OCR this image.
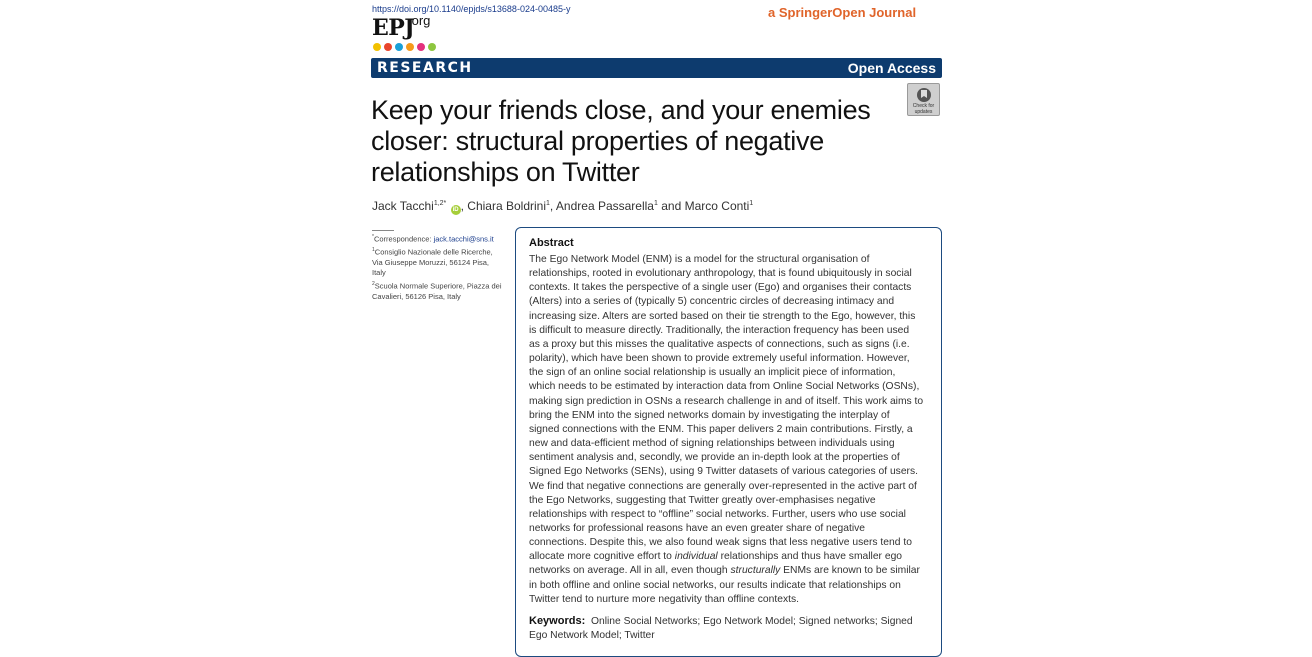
https://doi.org/10.1140/epjds/s13688-024-00485-y
EPJ
.org
a SpringerOpen Journal
RESEARCH	Open Access
Check for
updates
Keep your friends close, and your enemies closer: structural properties of negative relationships on Twitter
Jack Tacchi$^{1,2*}$ iD , Chiara Boldrini$^1$, Andrea Passarella$^1$ and Marco Conti$^1$
*Correspondence: jack.tacchi@sns.it
$^1$Consiglio Nazionale delle Ricerche, Via Giuseppe Moruzzi, 56124 Pisa, Italy
$^2$Scuola Normale Superiore, Piazza dei Cavalieri, 56126 Pisa, Italy
Abstract

The Ego Network Model (ENM) is a model for the structural organisation of
relationships, rooted in evolutionary anthropology, that is found ubiquitously in social
contexts. It takes the perspective of a single user (Ego) and organises their contacts
(Alters) into a series of (typically 5) concentric circles of decreasing intimacy and
increasing size. Alters are sorted based on their tie strength to the Ego, however, this
is difficult to measure directly. Traditionally, the interaction frequency has been used
as a proxy but this misses the qualitative aspects of connections, such as signs (i.e.
polarity), which have been shown to provide extremely useful information. However,
the sign of an online social relationship is usually an implicit piece of information,
which needs to be estimated by interaction data from Online Social Networks (OSNs),
making sign prediction in OSNs a research challenge in and of itself. This work aims to
bring the ENM into the signed networks domain by investigating the interplay of
signed connections with the ENM. This paper delivers 2 main contributions. Firstly, a
new and data-efficient method of signing relationships between individuals using
sentiment analysis and, secondly, we provide an in-depth look at the properties of
Signed Ego Networks (SENs), using 9 Twitter datasets of various categories of users.
We find that negative connections are generally over-represented in the active part of
the Ego Networks, suggesting that Twitter greatly over-emphasises negative
relationships with respect to “offline” social networks. Further, users who use social
networks for professional reasons have an even greater share of negative
connections. Despite this, we also found weak signs that less negative users tend to
allocate more cognitive effort to individual relationships and thus have smaller ego
networks on average. All in all, even though structurally ENMs are known to be similar
in both offline and online social networks, our results indicate that relationships on
Twitter tend to nurture more negativity than offline contexts.

Keywords: Online Social Networks; Ego Network Model; Signed networks; Signed Ego Network Model; Twitter
